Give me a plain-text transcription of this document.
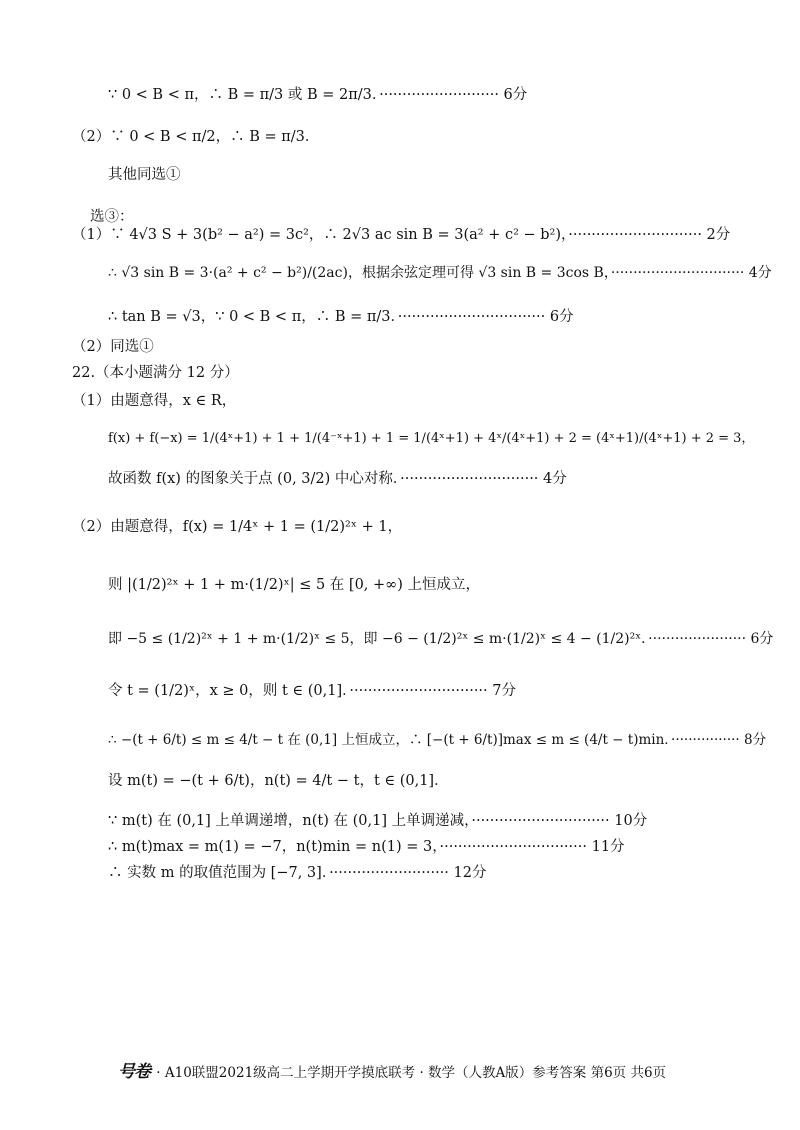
∵ 0 < B < π，∴ B = π/3 或 B = 2π/3．·························· 6分
（2）∵ 0 < B < π/2，∴ B = π/3．
其他同选①
选③：
（1）∵ 4√3 S + 3(b² − a²) = 3c²，∴ 2√3 ac sin B = 3(a² + c² − b²)，····························· 2分
∴ √3 sin B = 3·(a² + c² − b²)/(2ac)，根据余弦定理可得 √3 sin B = 3cos B，······························ 4分
∴ tan B = √3，∵ 0 < B < π，∴ B = π/3．································ 6分
（2）同选①
22.（本小题满分 12 分）
（1）由题意得，x ∈ R，
f(x) + f(−x) = 1/(4ˣ+1) + 1 + 1/(4⁻ˣ+1) + 1 = 1/(4ˣ+1) + 4ˣ/(4ˣ+1) + 2 = (4ˣ+1)/(4ˣ+1) + 2 = 3，
故函数 f(x) 的图象关于点 (0, 3/2) 中心对称．······························ 4分
（2）由题意得，f(x) = 1/4ˣ + 1 = (1/2)²ˣ + 1，
则 |(1/2)²ˣ + 1 + m·(1/2)ˣ| ≤ 5 在 [0, +∞) 上恒成立，
即 −5 ≤ (1/2)²ˣ + 1 + m·(1/2)ˣ ≤ 5，即 −6 − (1/2)²ˣ ≤ m·(1/2)ˣ ≤ 4 − (1/2)²ˣ．······················ 6分
令 t = (1/2)ˣ，x ≥ 0，则 t ∈ (0,1]．······························ 7分
∴ −(t + 6/t) ≤ m ≤ 4/t − t 在 (0,1] 上恒成立，∴ [−(t + 6/t)]max ≤ m ≤ (4/t − t)min．················ 8分
设 m(t) = −(t + 6/t)，n(t) = 4/t − t，t ∈ (0,1]．
∵ m(t) 在 (0,1] 上单调递增，n(t) 在 (0,1] 上单调递减，······························ 10分
∴ m(t)max = m(1) = −7，n(t)min = n(1) = 3，································ 11分
∴ 实数 m 的取值范围为 [−7, 3]．·························· 12分
号卷 · A10联盟2021级高二上学期开学摸底联考 · 数学（人教A版）参考答案 第6页 共6页
